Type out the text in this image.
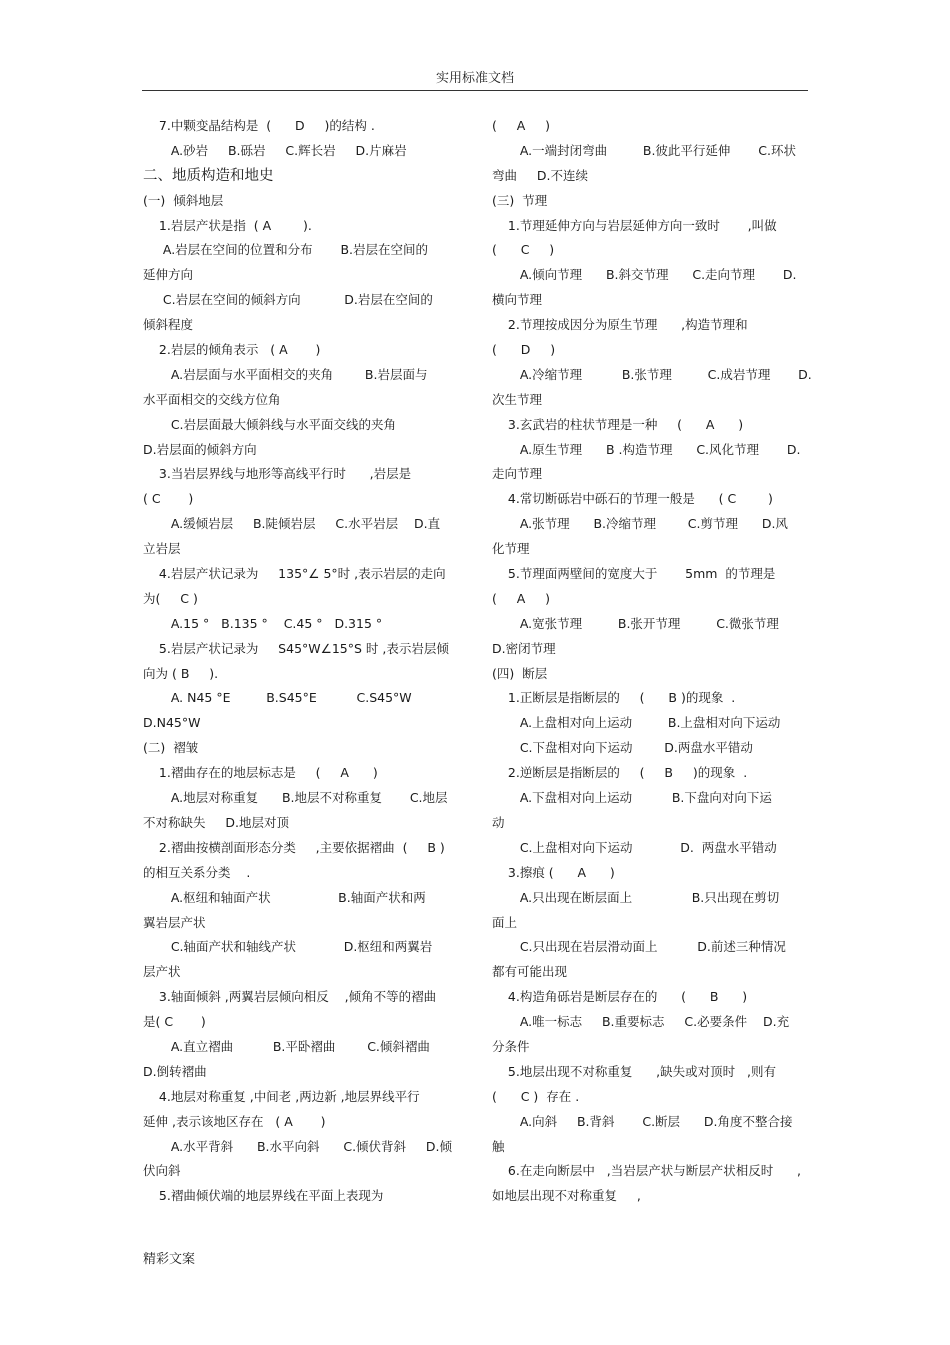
实用标准文档
7.中颗变晶结构是  (      D     )的结构 .
A.砂岩     B.砾岩     C.辉长岩     D.片麻岩
二、地质构造和地史
(一)  倾斜地层
1.岩层产状是指  ( A        ).
A.岩层在空间的位置和分布       B.岩层在空间的
延伸方向
C.岩层在空间的倾斜方向           D.岩层在空间的
倾斜程度
2.岩层的倾角表示   ( A       )
A.岩层面与水平面相交的夹角        B.岩层面与
水平面相交的交线方位角
C.岩层面最大倾斜线与水平面交线的夹角
D.岩层面的倾斜方向
3.当岩层界线与地形等高线平行时      ,岩层是
( C       )
A.缓倾岩层     B.陡倾岩层     C.水平岩层    D.直
立岩层
4.岩层产状记录为     135°∠ 5°时 ,表示岩层的走向
为(     C )
A.15 °   B.135 °    C.45 °   D.315 °
5.岩层产状记录为     S45°W∠15°S 时 ,表示岩层倾
向为 ( B     ).
A. N45 °E         B.S45°E          C.S45°W
D.N45°W
(二)  褶皱
1.褶曲存在的地层标志是     (     A      )
A.地层对称重复      B.地层不对称重复       C.地层
不对称缺失     D.地层对顶
2.褶曲按横剖面形态分类     ,主要依据褶曲  (     B )
的相互关系分类    .
A.枢纽和轴面产状                 B.轴面产状和两
翼岩层产状
C.轴面产状和轴线产状            D.枢纽和两翼岩
层产状
3.轴面倾斜 ,两翼岩层倾向相反    ,倾角不等的褶曲
是( C       )
A.直立褶曲          B.平卧褶曲        C.倾斜褶曲
D.倒转褶曲
4.地层对称重复 ,中间老 ,两边新 ,地层界线平行
延伸 ,表示该地区存在   ( A       )
A.水平背斜      B.水平向斜      C.倾伏背斜     D.倾
伏向斜
5.褶曲倾伏端的地层界线在平面上表现为
(     A     )
A.一端封闭弯曲         B.彼此平行延伸       C.环状
弯曲     D.不连续
(三)  节理
1.节理延伸方向与岩层延伸方向一致时       ,叫做
(      C     )
A.倾向节理      B.斜交节理      C.走向节理       D.
横向节理
2.节理按成因分为原生节理      ,构造节理和
(      D     )
A.冷缩节理          B.张节理         C.成岩节理       D.
次生节理
3.玄武岩的柱状节理是一种     (      A      )
A.原生节理      B .构造节理      C.风化节理       D.
走向节理
4.常切断砾岩中砾石的节理一般是      ( C        )
A.张节理      B.冷缩节理        C.剪节理      D.风
化节理
5.节理面两壁间的宽度大于       5mm  的节理是
(     A     )
A.宽张节理         B.张开节理         C.微张节理
D.密闭节理
(四)  断层
1.正断层是指断层的     (      B )的现象  .
A.上盘相对向上运动         B.上盘相对向下运动
C.下盘相对向下运动        D.两盘水平错动
2.逆断层是指断层的     (     B     )的现象  .
A.下盘相对向上运动          B.下盘向对向下运
动
C.上盘相对向下运动            D.  两盘水平错动
3.擦痕 (      A      )
A.只出现在断层面上               B.只出现在剪切
面上
C.只出现在岩层滑动面上          D.前述三种情况
都有可能出现
4.构造角砾岩是断层存在的      (      B      )
A.唯一标志     B.重要标志     C.必要条件    D.充
分条件
5.地层出现不对称重复      ,缺失或对顶时   ,则有
(      C )  存在 .
A.向斜     B.背斜       C.断层      D.角度不整合接
触
6.在走向断层中   ,当岩层产状与断层产状相反时      ,
如地层出现不对称重复     ,
精彩文案
